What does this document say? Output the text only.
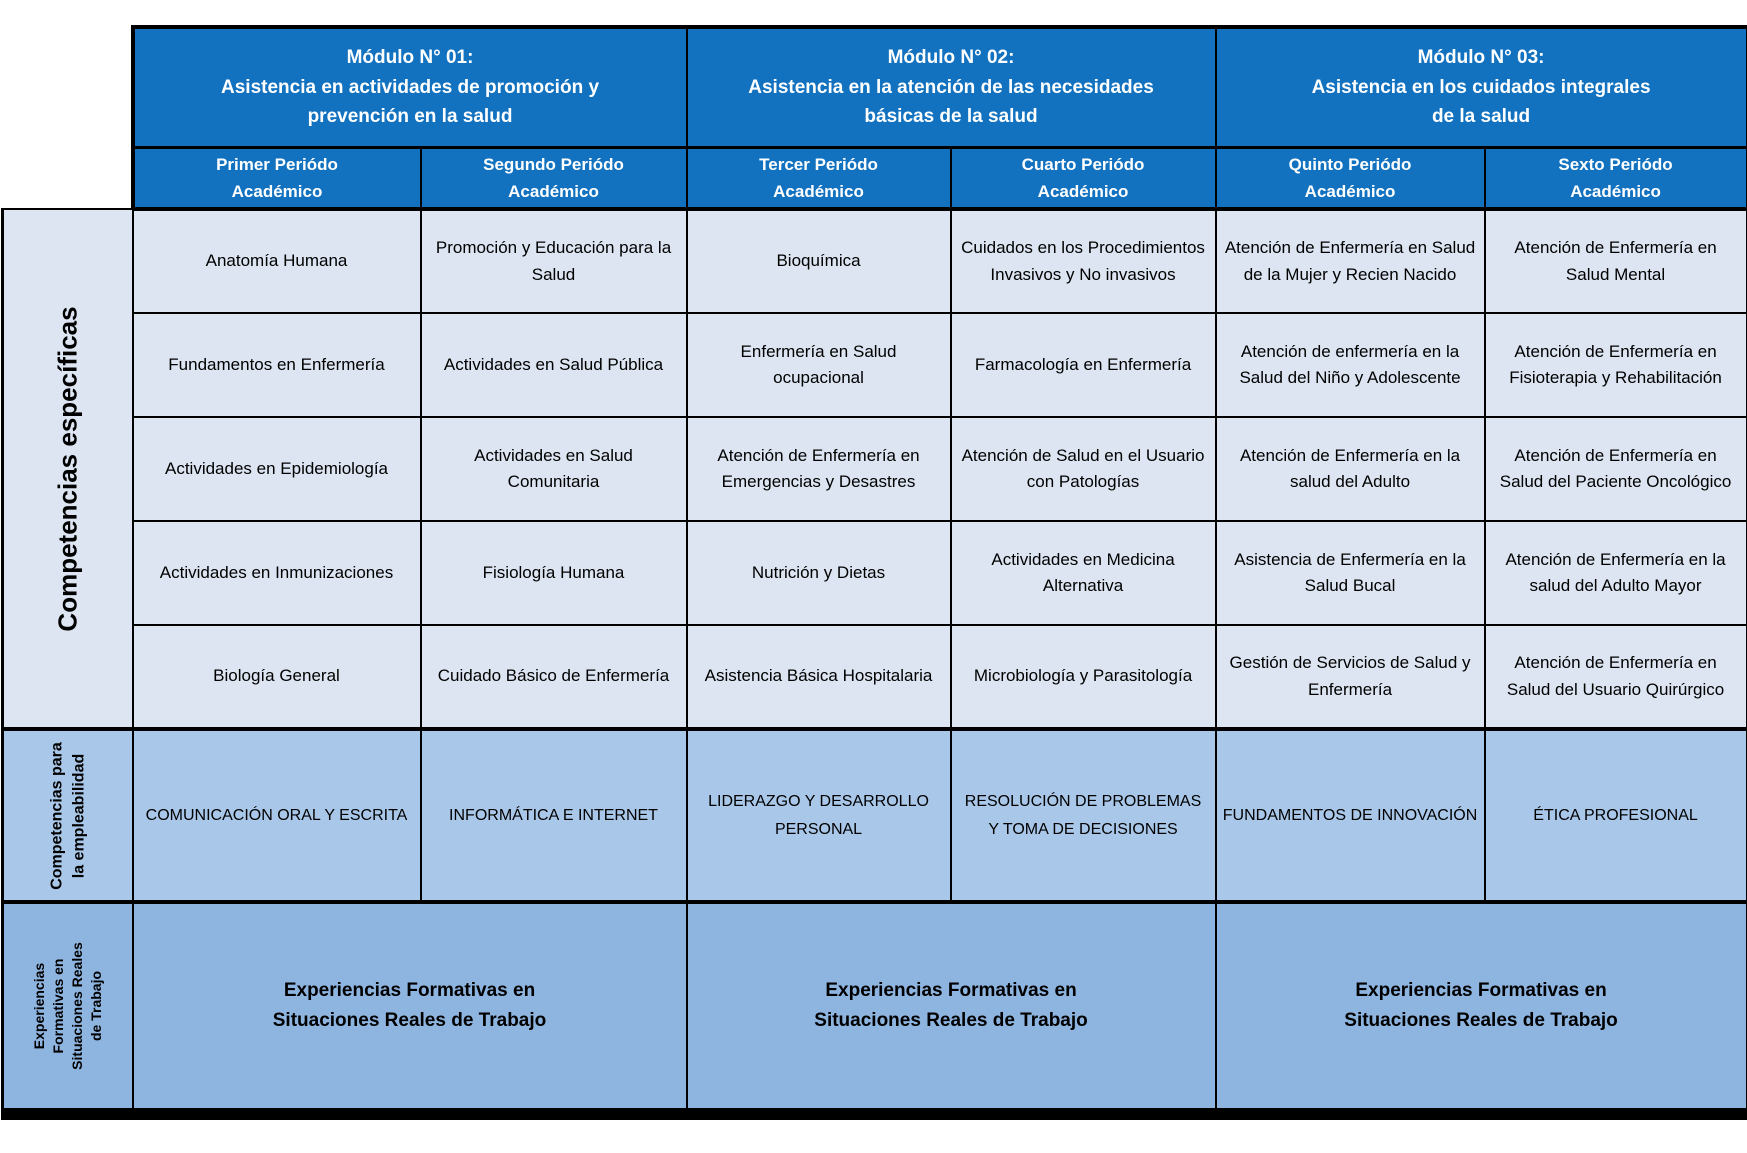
	Módulo N° 01:
Asistencia en actividades de promoción y
prevención en la salud		Módulo N° 02:
Asistencia en la atención de las necesidades
básicas de la salud		Módulo N° 03:
Asistencia en los cuidados integrales
de la salud	

	Primer Periódo
Académico	Segundo Periódo
Académico	Tercer Periódo
Académico	Cuarto Periódo
Académico	Quinto Periódo
Académico	Sexto Periódo
Académico

Competencias específicas	Anatomía Humana	Promoción y Educación para la Salud	Bioquímica	Cuidados en los Procedimientos Invasivos y No invasivos	Atención de Enfermería en Salud de la Mujer y Recien Nacido	Atención de Enfermería en Salud Mental
	Fundamentos en Enfermería	Actividades en Salud Pública	Enfermería en Salud ocupacional	Farmacología en Enfermería	Atención de enfermería en la Salud del Niño y Adolescente	Atención de Enfermería en Fisioterapia y Rehabilitación
	Actividades en Epidemiología	Actividades en Salud Comunitaria	Atención de Enfermería en Emergencias y Desastres	Atención de Salud en el Usuario con Patologías	Atención de Enfermería en la salud del Adulto	Atención de Enfermería en Salud del Paciente Oncológico
	Actividades en Inmunizaciones	Fisiología Humana	Nutrición y Dietas	Actividades en Medicina Alternativa	Asistencia de Enfermería en la Salud Bucal	Atención de Enfermería en la salud del Adulto Mayor
	Biología General	Cuidado Básico de Enfermería	Asistencia Básica Hospitalaria	Microbiología y Parasitología	Gestión de Servicios de Salud y Enfermería	Atención de Enfermería en Salud del Usuario Quirúrgico

Competencias para la empleabilidad	COMUNICACIÓN ORAL Y ESCRITA	INFORMÁTICA E INTERNET	LIDERAZGO Y DESARROLLO PERSONAL	RESOLUCIÓN DE PROBLEMAS Y TOMA DE DECISIONES	FUNDAMENTOS DE INNOVACIÓN	ÉTICA PROFESIONAL

Experiencias Formativas en Situaciones Reales de Trabajo	Experiencias Formativas en
Situaciones Reales de Trabajo		Experiencias Formativas en
Situaciones Reales de Trabajo		Experiencias Formativas en
Situaciones Reales de Trabajo	
